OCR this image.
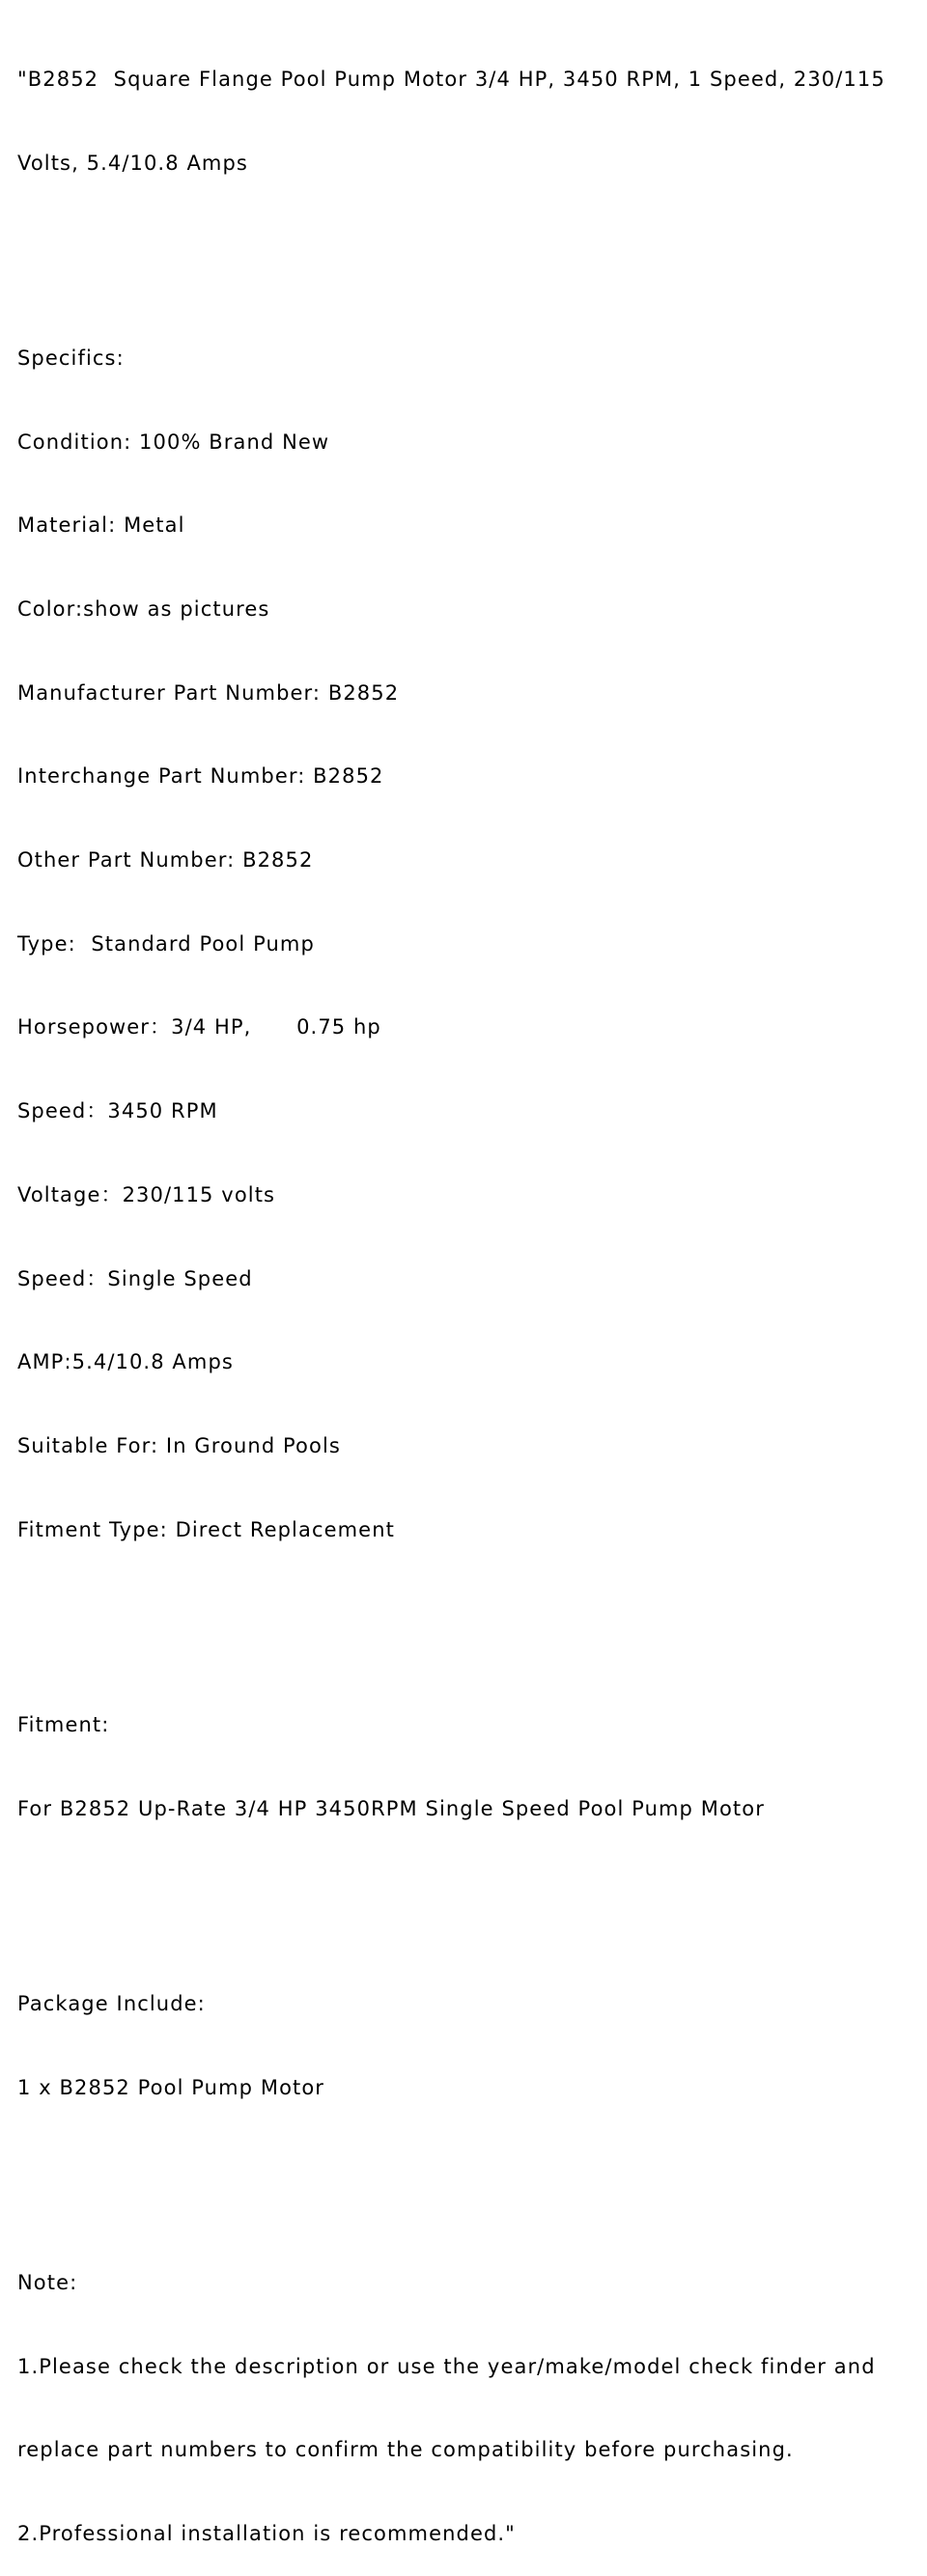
"B2852  Square Flange Pool Pump Motor 3/4 HP, 3450 RPM, 1 Speed, 230/115

Volts, 5.4/10.8 Amps

Specifics:

Condition: 100% Brand New

Material: Metal

Color:show as pictures

Manufacturer Part Number: B2852

Interchange Part Number: B2852

Other Part Number: B2852

Type:  Standard Pool Pump

Horsepower：3/4 HP,      0.75 hp

Speed：3450 RPM

Voltage：230/115 volts

Speed：Single Speed

AMP:5.4/10.8 Amps

Suitable For: In Ground Pools

Fitment Type: Direct Replacement

Fitment:

For B2852 Up-Rate 3/4 HP 3450RPM Single Speed Pool Pump Motor

Package Include:

1 x B2852 Pool Pump Motor

Note:

1.Please check the description or use the year/make/model check finder and

replace part numbers to confirm the compatibility before purchasing.

2.Professional installation is recommended."
